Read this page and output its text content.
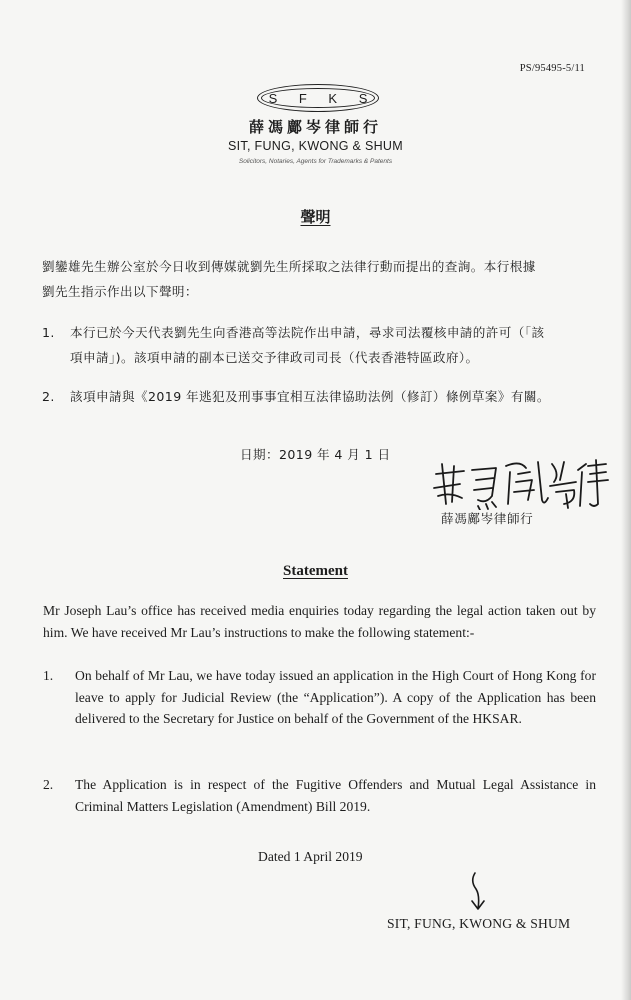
PS/95495-5/11
S F K S
薛馮鄺岑律師行
SIT, FUNG, KWONG & SHUM
Solicitors, Notaries, Agents for Trademarks & Patents
聲明
劉鑾雄先生辦公室於今日收到傳媒就劉先生所採取之法律行動而提出的查詢。本行根據
劉先生指示作出以下聲明：
1.	本行已於今天代表劉先生向香港高等法院作出申請，尋求司法覆核申請的許可（「該
項申請」)。該項申請的副本已送交予律政司司長（代表香港特區政府）。
2.	該項申請與《2019 年逃犯及刑事事宜相互法律協助法例（修訂）條例草案》有關。
日期：2019 年 4 月 1 日
薛馮鄺岑律師行
Statement
Mr Joseph Lau’s office has received media enquiries today regarding the legal action taken out by him. We have received Mr Lau’s instructions to make the following statement:-
1.	On behalf of Mr Lau, we have today issued an application in the High Court of Hong Kong for leave to apply for Judicial Review (the “Application”). A copy of the Application has been delivered to the Secretary for Justice on behalf of the Government of the HKSAR.
2.	The Application is in respect of the Fugitive Offenders and Mutual Legal Assistance in Criminal Matters Legislation (Amendment) Bill 2019.
Dated 1 April 2019
SIT, FUNG, KWONG & SHUM
